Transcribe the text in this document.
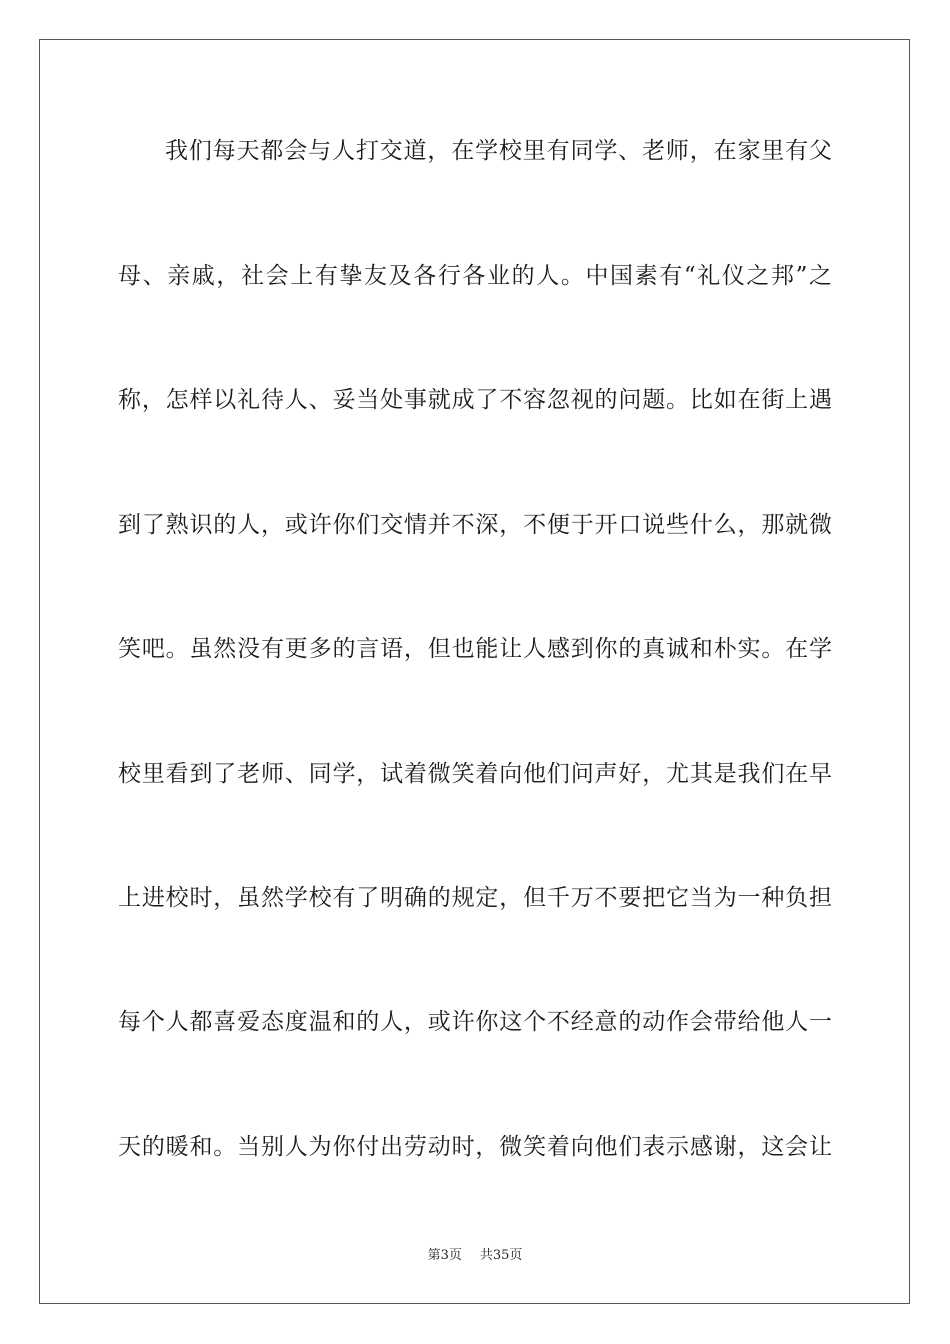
我们每天都会与人打交道，在学校里有同学、老师，在家里有父
母、亲戚，社会上有挚友及各行各业的人。中国素有“礼仪之邦”之
称，怎样以礼待人、妥当处事就成了不容忽视的问题。比如在街上遇
到了熟识的人，或许你们交情并不深，不便于开口说些什么，那就微
笑吧。虽然没有更多的言语，但也能让人感到你的真诚和朴实。在学
校里看到了老师、同学，试着微笑着向他们问声好，尤其是我们在早
上进校时，虽然学校有了明确的规定，但千万不要把它当为一种负担
每个人都喜爱态度温和的人，或许你这个不经意的动作会带给他人一
天的暖和。当别人为你付出劳动时，微笑着向他们表示感谢，这会让
第3页 共35页
